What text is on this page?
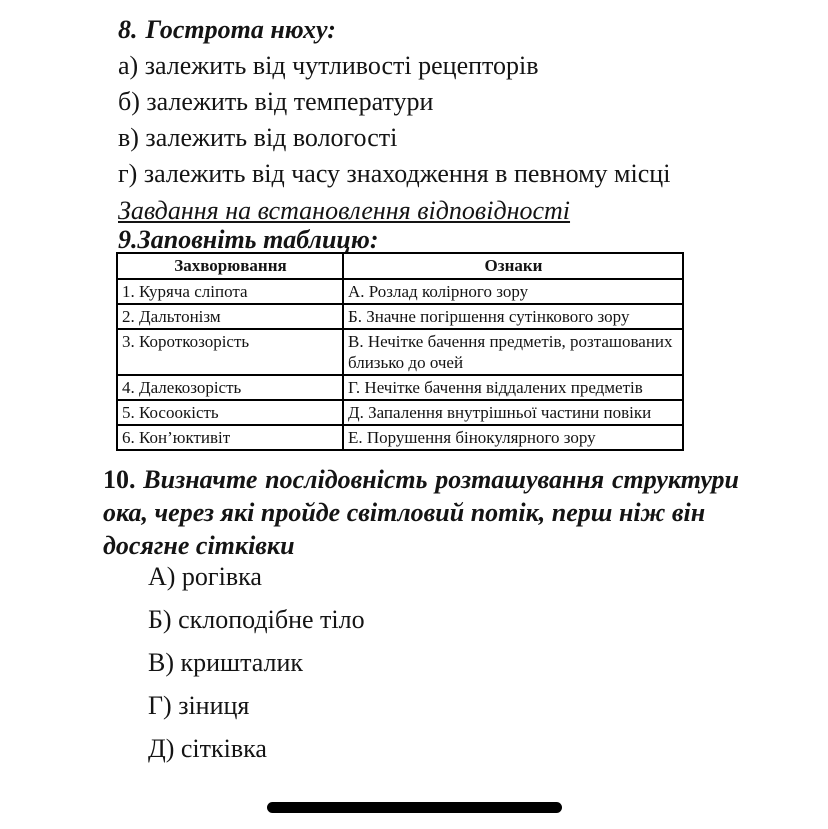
8. Гострота нюху:
а) залежить від чутливості рецепторів
б) залежить від температури
в) залежить від вологості
г) залежить від часу знаходження в певному місці
Завдання на встановлення відповідності
9.Заповніть таблицю:
Захворювання	Ознаки
1. Куряча сліпота	А. Розлад колірного зору
2. Дальтонізм	Б. Значне погіршення сутінкового зору
3. Короткозорість	В. Нечітке бачення предметів, розташованих близько до очей
4. Далекозорість	Г. Нечітке бачення віддалених предметів
5. Косоокість	Д. Запалення внутрішньої частини повіки
6. Кон’юктивіт	Е. Порушення бінокулярного зору
10. Визначте послідовність розташування структури
ока, через які пройде світловий потік, перш ніж він
досягне сітківки
А) рогівка
Б) склоподібне тіло
В) кришталик
Г) зіниця
Д) сітківка
